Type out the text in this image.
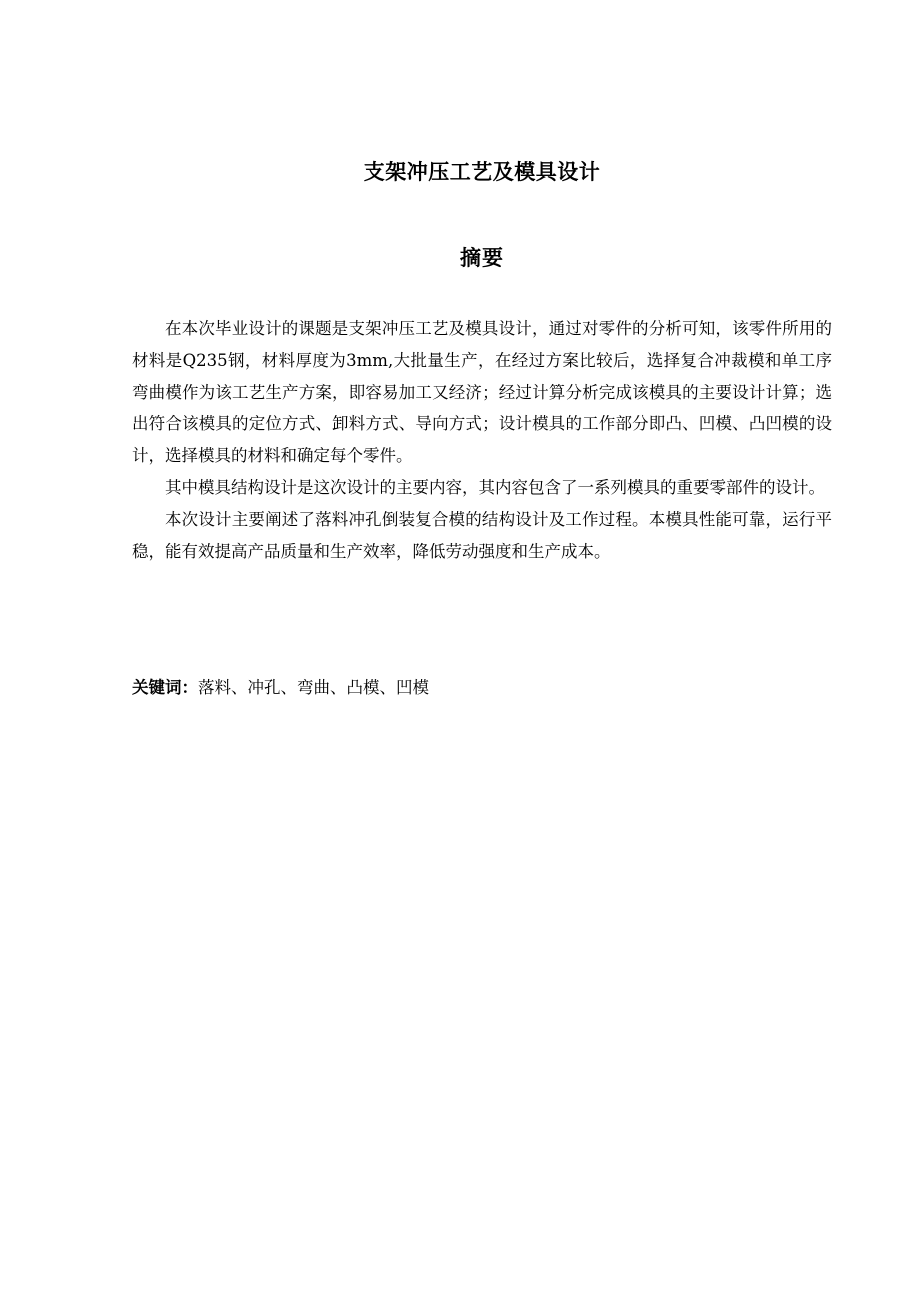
支架冲压工艺及模具设计
摘要

在本次毕业设计的课题是支架冲压工艺及模具设计，通过对零件的分析可知，该零件所用的材料是Q235钢，材料厚度为3mm,大批量生产，在经过方案比较后，选择复合冲裁模和单工序弯曲模作为该工艺生产方案，即容易加工又经济；经过计算分析完成该模具的主要设计计算；选出符合该模具的定位方式、卸料方式、导向方式；设计模具的工作部分即凸、凹模、凸凹模的设计，选择模具的材料和确定每个零件。

其中模具结构设计是这次设计的主要内容，其内容包含了一系列模具的重要零部件的设计。

本次设计主要阐述了落料冲孔倒装复合模的结构设计及工作过程。本模具性能可靠，运行平稳，能有效提高产品质量和生产效率，降低劳动强度和生产成本。

关键词：落料、冲孔、弯曲、凸模、凹模
